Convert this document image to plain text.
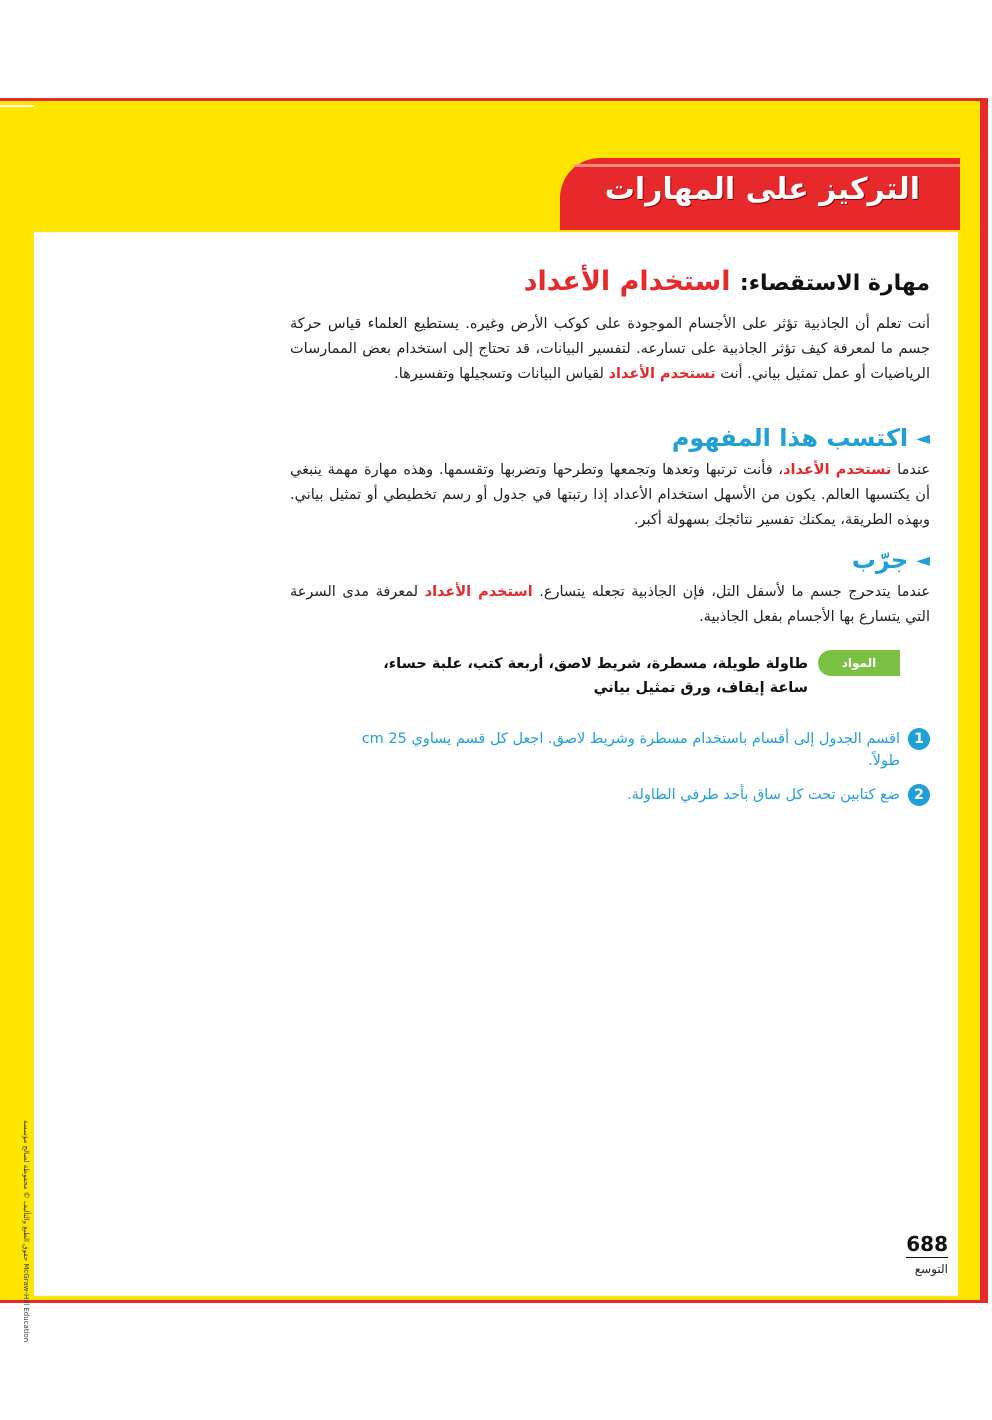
التركيز على المهارات
مهارة الاستقصاء: استخدام الأعداد
أنت تعلم أن الجاذبية تؤثر على الأجسام الموجودة على كوكب الأرض وغيره. يستطيع العلماء قياس حركة جسم ما لمعرفة كيف تؤثر الجاذبية على تسارعه. لتفسير البيانات، قد تحتاج إلى استخدام بعض الممارسات الرياضيات أو عمل تمثيل بياني. أنت تستخدم الأعداد لقياس البيانات وتسجيلها وتفسيرها.
◄اكتسب هذا المفهوم
عندما تستخدم الأعداد، فأنت ترتبها وتعدها وتجمعها وتطرحها وتضربها وتقسمها. وهذه مهارة مهمة ينبغي أن يكتسبها العالم. يكون من الأسهل استخدام الأعداد إذا رتبتها في جدول أو رسم تخطيطي أو تمثيل بياني. وبهذه الطريقة، يمكنك تفسير نتائجك بسهولة أكبر.
◄جرّب
عندما يتدحرج جسم ما لأسفل التل، فإن الجاذبية تجعله يتسارع. استخدم الأعداد لمعرفة مدى السرعة التي يتسارع بها الأجسام بفعل الجاذبية.
المواد
طاولة طويلة، مسطرة، شريط لاصق، أربعة كتب، علبة حساء، ساعة إيقاف، ورق تمثيل بياني
1
اقسم الجدول إلى أقسام باستخدام مسطرة وشريط لاصق. اجعل كل قسم يساوي 25 cm طولاً.
2
ضع كتابين تحت كل ساق بأحد طرفي الطاولة.
حقوق الطبع والتأليف © محفوظة لصالح مؤسسة McGraw-Hill Education
688
التوسع
